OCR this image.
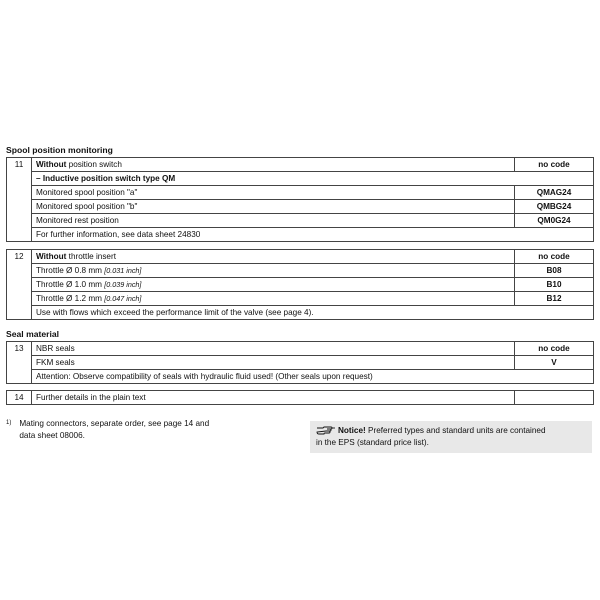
Spool position monitoring
11	Without position switch	no code
	– Inductive position switch type QM	
	Monitored spool position "a"	QMAG24
	Monitored spool position "b"	QMBG24
	Monitored rest position	QM0G24
	For further information, see data sheet 24830	
12	Without throttle insert	no code
	Throttle Ø 0.8 mm [0.031 inch]	B08
	Throttle Ø 1.0 mm [0.039 inch]	B10
	Throttle Ø 1.2 mm [0.047 inch]	B12
	Use with flows which exceed the performance limit of the valve (see page 4).	
Seal material
13	NBR seals	no code
	FKM seals	V
	Attention: Observe compatibility of seals with hydraulic fluid used! (Other seals upon request)	
14	Further details in the plain text	
$^{1)}$ Mating connectors, separate order, see page 14 and
data sheet 08006.
Notice! Preferred types and standard units are contained
in the EPS (standard price list).
